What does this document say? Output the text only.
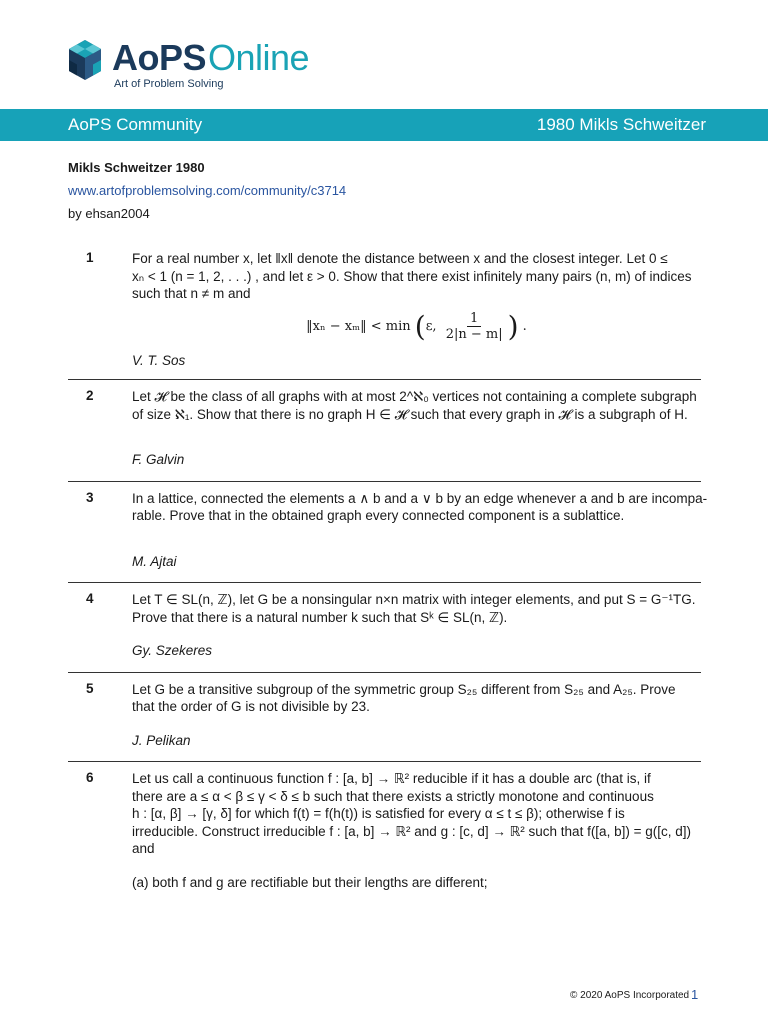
AoPSOnline
Art of Problem Solving
AoPS Community	1980 Mikls Schweitzer
Mikls Schweitzer 1980
www.artofproblemsolving.com/community/c3714
by ehsan2004
1	For a real number x, let ‖x‖ denote the distance between x and the closest integer. Let 0 ≤
xₙ < 1 (n = 1, 2, . . .) , and let ε > 0. Show that there exist infinitely many pairs (n, m) of indices
such that n ≠ m and
‖xₙ − xₘ‖ < min (ε, $\frac{1}{2|n - m|}$ ) .
V. T. Sos
2	Let 𝓗 be the class of all graphs with at most 2^ℵ₀ vertices not containing a complete subgraph
of size ℵ₁. Show that there is no graph H ∈ 𝓗 such that every graph in 𝓗 is a subgraph of H.
F. Galvin
3	In a lattice, connected the elements a ∧ b and a ∨ b by an edge whenever a and b are incompa-
rable. Prove that in the obtained graph every connected component is a sublattice.
M. Ajtai
4	Let T ∈ SL(n, ℤ), let G be a nonsingular n×n matrix with integer elements, and put S = G⁻¹TG.
Prove that there is a natural number k such that Sᵏ ∈ SL(n, ℤ).
Gy. Szekeres
5	Let G be a transitive subgroup of the symmetric group S₂₅ different from S₂₅ and A₂₅. Prove
that the order of G is not divisible by 23.
J. Pelikan
6	Let us call a continuous function f : [a, b] → ℝ² reducible if it has a double arc (that is, if
there are a ≤ α < β ≤ γ < δ ≤ b such that there exists a strictly monotone and continuous
h : [α, β] → [γ, δ] for which f(t) = f(h(t)) is satisfied for every α ≤ t ≤ β); otherwise f is
irreducible. Construct irreducible f : [a, b] → ℝ² and g : [c, d] → ℝ² such that f([a, b]) = g([c, d])
and
(a) both f and g are rectifiable but their lengths are different;
© 2020 AoPS Incorporated 1
